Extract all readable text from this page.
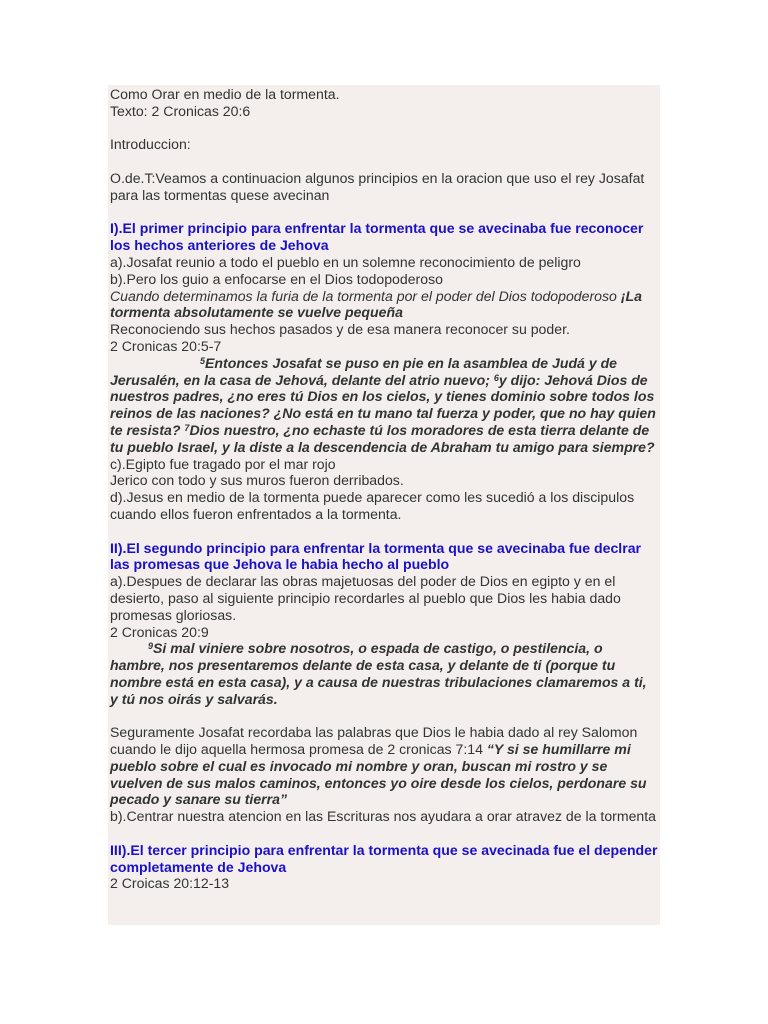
Como Orar en medio de la tormenta.

Texto: 2 Cronicas 20:6

Introduccion:

O.de.T:Veamos a continuacion algunos principios en la oracion que uso el rey Josafat para las tormentas quese avecinan

I).El primer principio para enfrentar la tormenta que se avecinaba fue reconocer los hechos anteriores de Jehova

a).Josafat reunio a todo el pueblo en un solemne reconocimiento de peligro

b).Pero los guio a enfocarse en el Dios todopoderoso

Cuando determinamos la furia de la tormenta por el poder del Dios todopoderoso ¡La tormenta absolutamente se vuelve pequeña

Reconociendo sus hechos pasados y de esa manera reconocer su poder.

2 Cronicas 20:5-7

$^5$Entonces Josafat se puso en pie en la asamblea de Judá y de Jerusalén, en la casa de Jehová, delante del atrio nuevo; $^6$y dijo: Jehová Dios de nuestros padres, ¿no eres tú Dios en los cielos, y tienes dominio sobre todos los reinos de las naciones? ¿No está en tu mano tal fuerza y poder, que no hay quien te resista? $^7$Dios nuestro, ¿no echaste tú los moradores de esta tierra delante de tu pueblo Israel, y la diste a la descendencia de Abraham tu amigo para siempre?

c).Egipto fue tragado por el mar rojo

Jerico con todo y sus muros fueron derribados.

d).Jesus en medio de la tormenta puede aparecer como les sucedió a los discipulos cuando ellos fueron enfrentados a la tormenta.

II).El segundo principio para enfrentar la tormenta que se avecinaba fue declrar las promesas que Jehova le habia hecho al pueblo

a).Despues de declarar las obras majetuosas del poder de Dios en egipto y en el desierto, paso al siguiente principio recordarles al pueblo que Dios les habia dado promesas gloriosas.

2 Cronicas 20:9

$^9$Si mal viniere sobre nosotros, o espada de castigo, o pestilencia, o hambre, nos presentaremos delante de esta casa, y delante de ti (porque tu nombre está en esta casa), y a causa de nuestras tribulaciones clamaremos a ti, y tú nos oirás y salvarás.

Seguramente Josafat recordaba las palabras que Dios le habia dado al rey Salomon cuando le dijo aquella hermosa promesa de 2 cronicas 7:14 “Y si se humillarre mi pueblo sobre el cual es invocado mi nombre y oran, buscan mi rostro y se vuelven de sus malos caminos, entonces yo oire desde los cielos, perdonare su pecado y sanare su tierra”

b).Centrar nuestra atencion en las Escrituras nos ayudara a orar atravez de la tormenta

III).El tercer principio para enfrentar la tormenta que se avecinada fue el depender completamente de Jehova

2 Croicas 20:12-13
